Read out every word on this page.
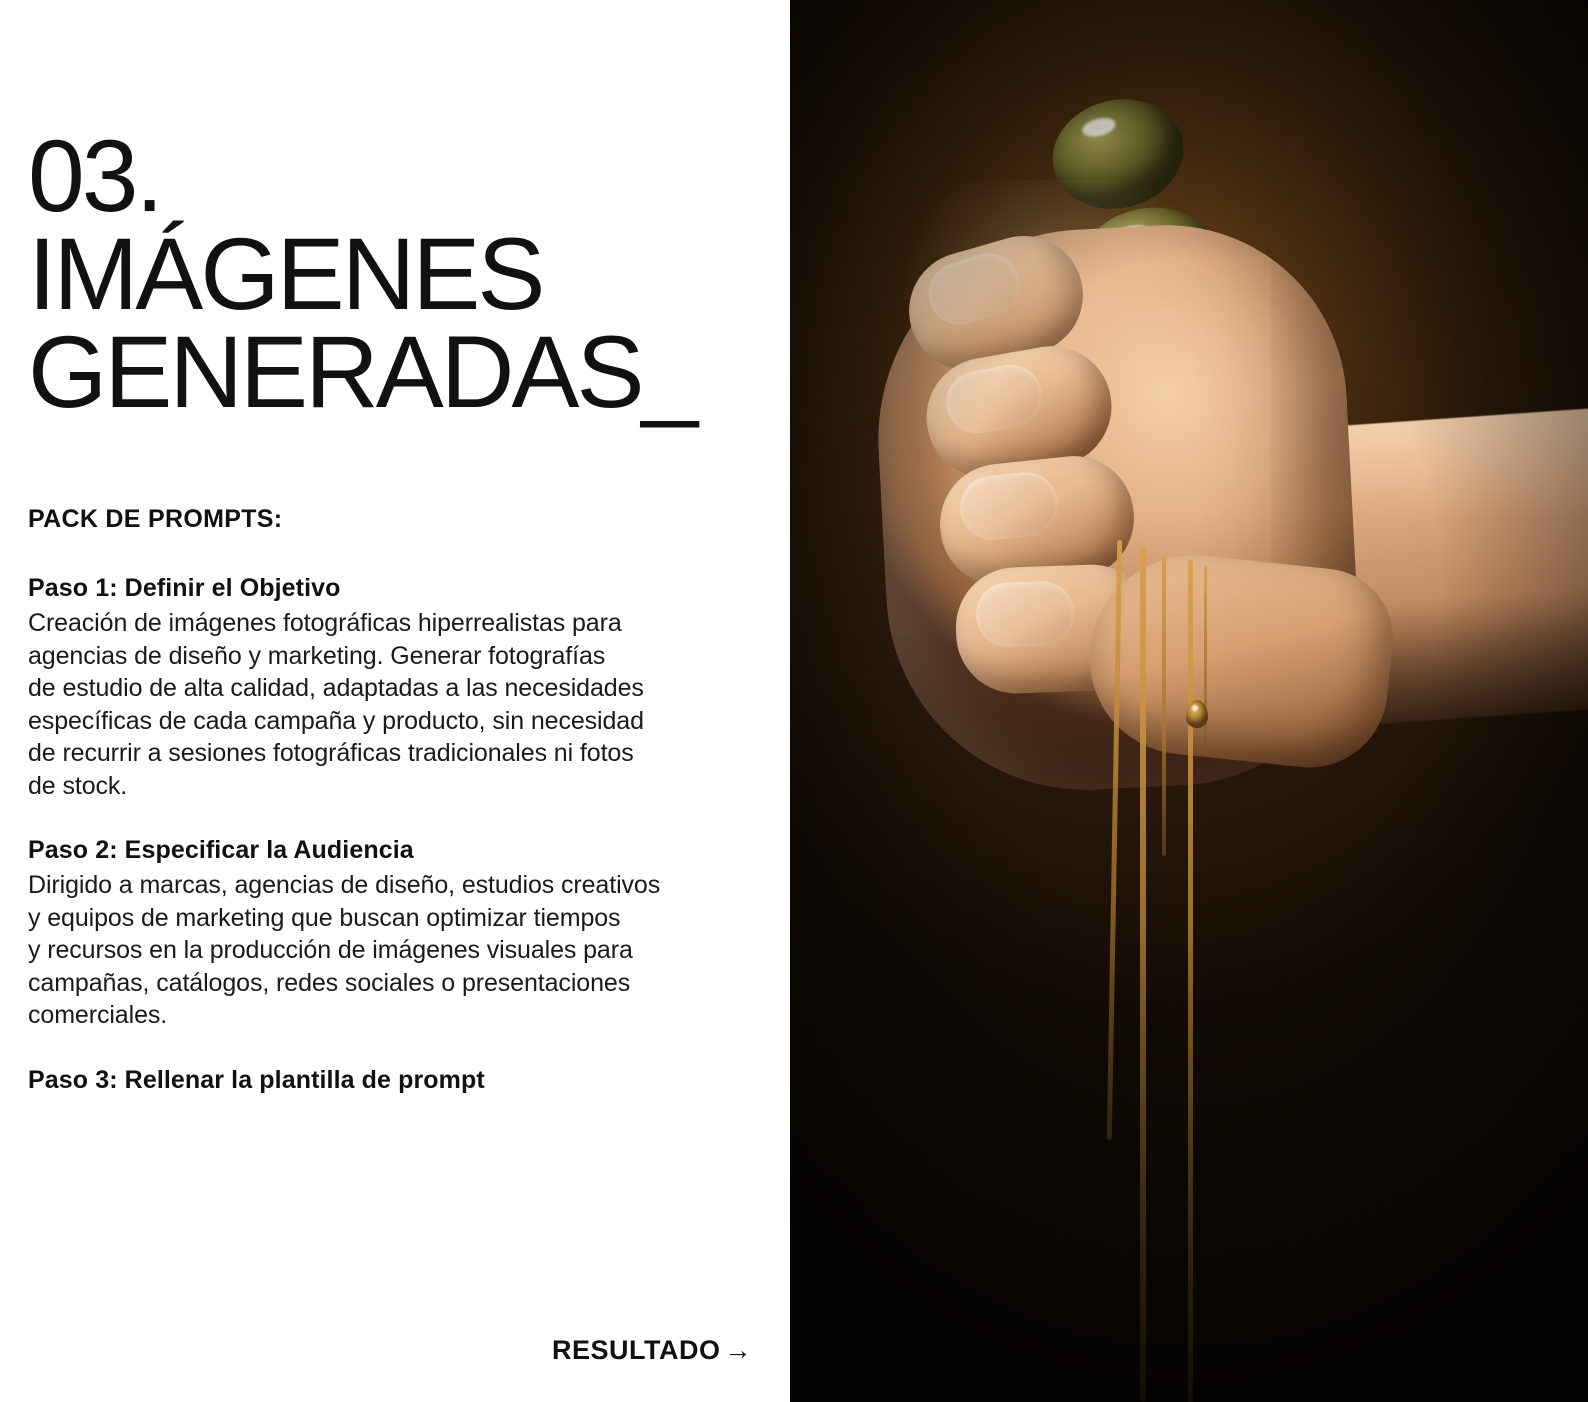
03.
IMÁGENES
GENERADAS_
PACK DE PROMPTS:
Paso 1: Definir el Objetivo
Creación de imágenes fotográficas hiperrealistas para
agencias de diseño y marketing. Generar fotografías
de estudio de alta calidad, adaptadas a las necesidades
específicas de cada campaña y producto, sin necesidad
de recurrir a sesiones fotográficas tradicionales ni fotos
de stock.
Paso 2: Especificar la Audiencia
Dirigido a marcas, agencias de diseño, estudios creativos
y equipos de marketing que buscan optimizar tiempos
y recursos en la producción de imágenes visuales para
campañas, catálogos, redes sociales o presentaciones
comerciales.
Paso 3: Rellenar la plantilla de prompt
RESULTADO →
